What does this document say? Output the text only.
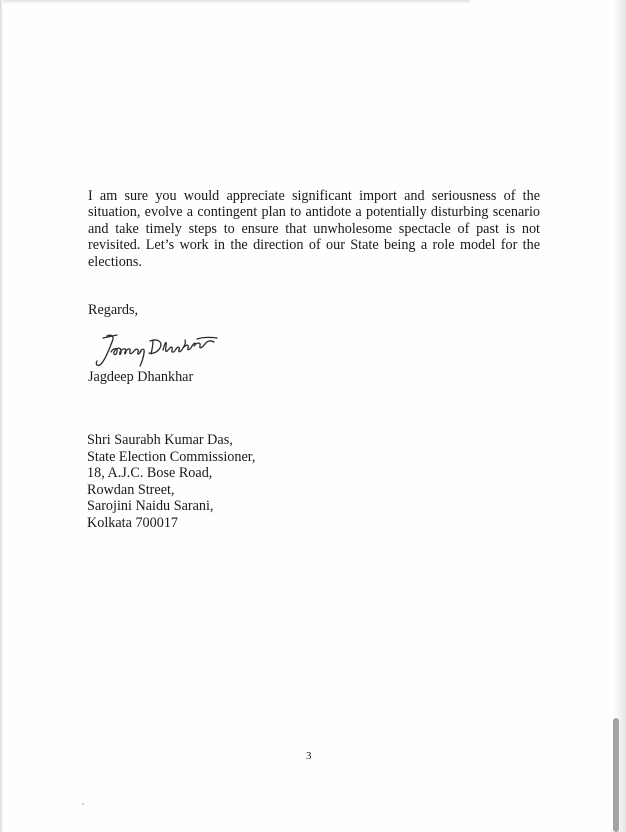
I am sure you would appreciate significant import and seriousness of the situation, evolve a contingent plan to antidote a potentially disturbing scenario and take timely steps to ensure that unwholesome spectacle of past is not revisited. Let’s work in the direction of our State being a role model for the elections.

Regards,

Jagdeep Dhankhar

Shri Saurabh Kumar Das,
State Election Commissioner,
18, A.J.C. Bose Road,
Rowdan Street,
Sarojini Naidu Sarani,
Kolkata 700017

3
